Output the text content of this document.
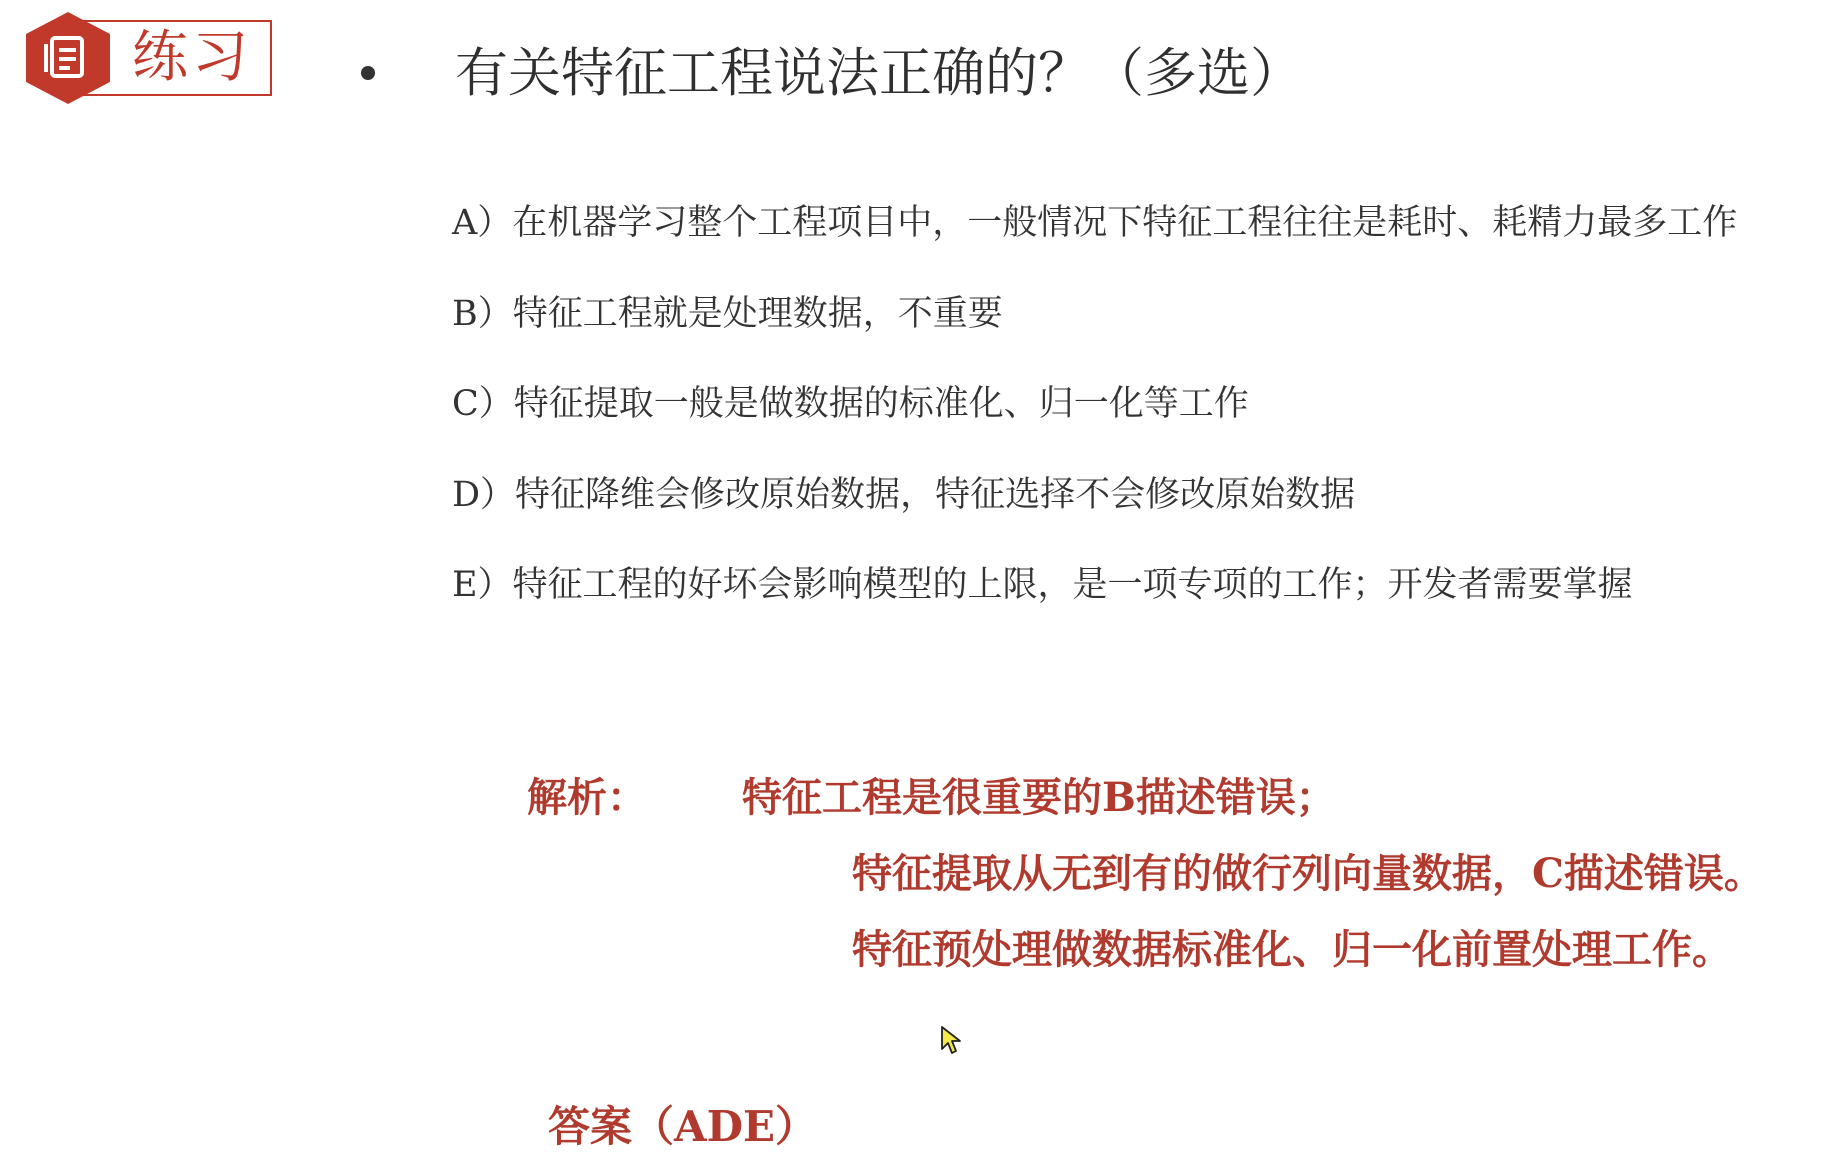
练习	有关特征工程说法正确的？（多选）
A）在机器学习整个工程项目中，一般情况下特征工程往往是耗时、耗精力最多工作
B）特征工程就是处理数据，不重要
C）特征提取一般是做数据的标准化、归一化等工作
D）特征降维会修改原始数据，特征选择不会修改原始数据
E）特征工程的好坏会影响模型的上限，是一项专项的工作；开发者需要掌握
解析： 特征工程是很重要的B描述错误；
特征提取从无到有的做行列向量数据，C描述错误。
特征预处理做数据标准化、归一化前置处理工作。
答案（ADE）
